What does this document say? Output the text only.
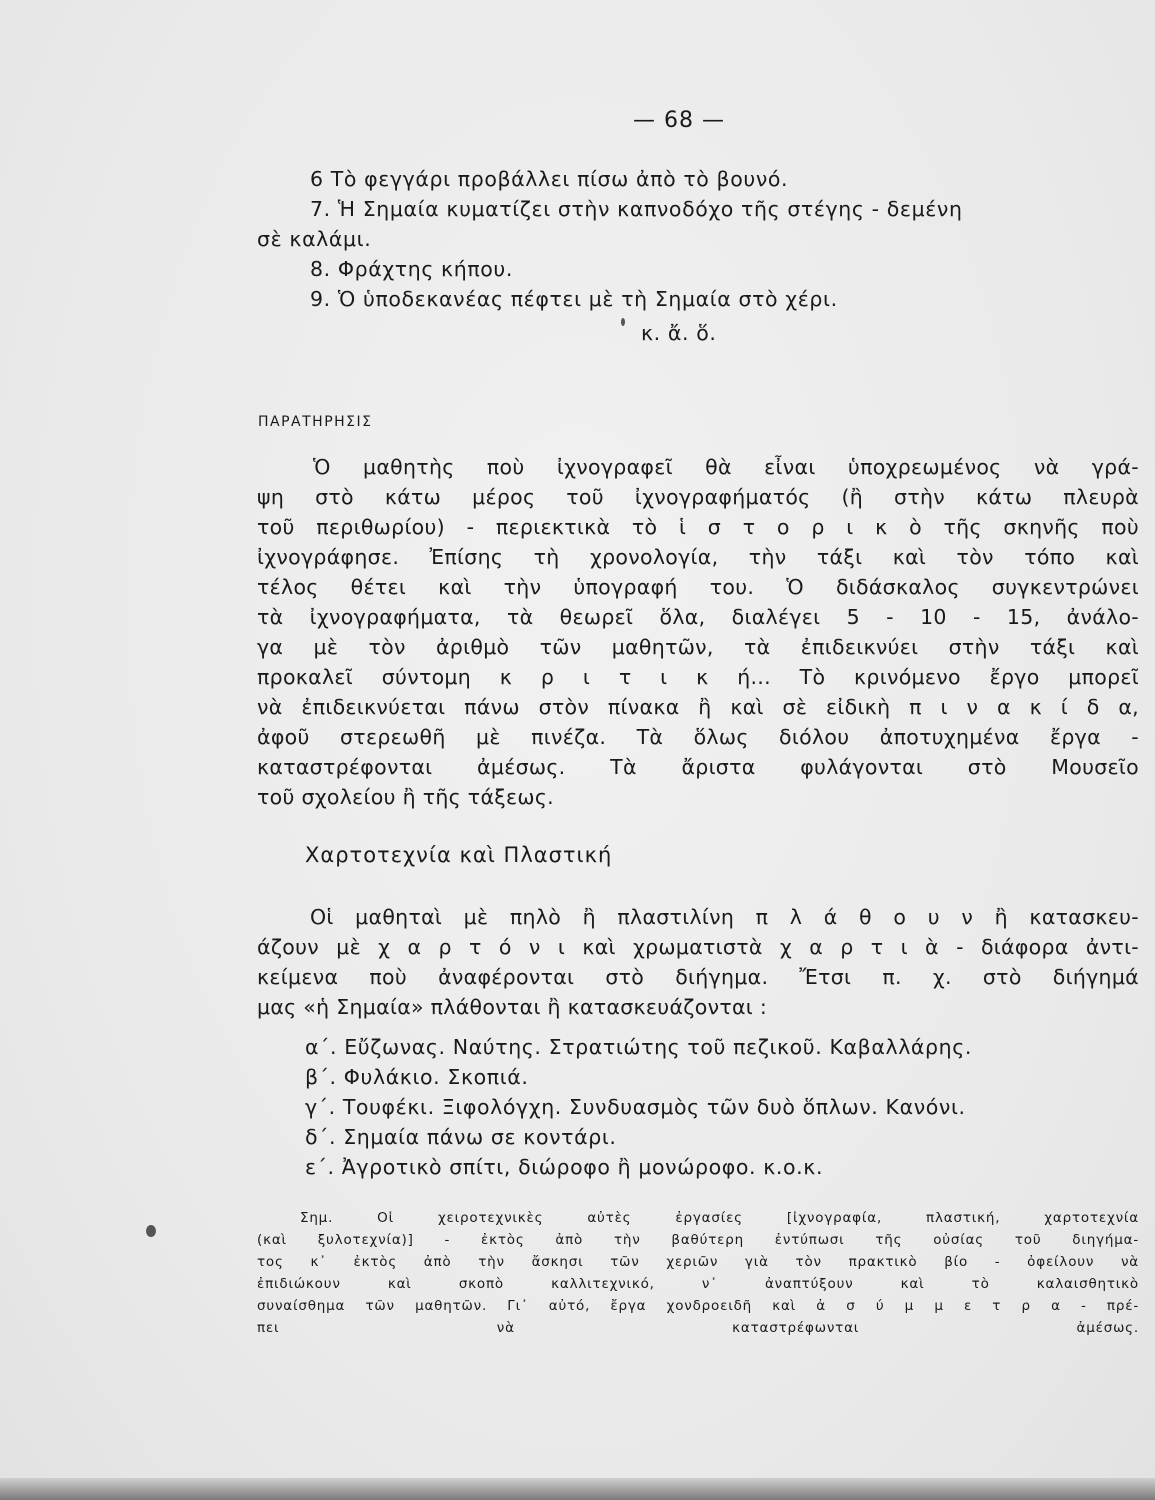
— 68 —
6 Τὸ φεγγάρι προβάλλει πίσω ἀπὸ τὸ βουνό.
7. Ἡ Σημαία κυματίζει στὴν καπνοδόχο τῆς στέγης - δεμένη
σὲ καλάμι.
8. Φράχτης κήπου.
9. Ὁ ὑποδεκανέας πέφτει μὲ τὴ Σημαία στὸ χέρι.
κ. ἄ. ὅ.
ΠΑΡΑΤΗΡΗΣΙΣ
Ὁ μαθητὴς ποὺ ἰχνογραφεῖ θὰ εἶναι ὑποχρεωμένος νὰ γρά-
ψη στὸ κάτω μέρος τοῦ ἰχνογραφήματός (ἢ στὴν κάτω πλευρὰ
τοῦ περιθωρίου) - περιεκτικὰ τὸ ἱ σ τ ο ρ ι κ ὸ τῆς σκηνῆς ποὺ
ἰχνογράφησε. Ἐπίσης τὴ χρονολογία, τὴν τάξι καὶ τὸν τόπο καὶ
τέλος θέτει καὶ τὴν ὑπογραφή του. Ὁ διδάσκαλος συγκεντρώνει
τὰ ἰχνογραφήματα, τὰ θεωρεῖ ὅλα, διαλέγει 5 - 10 - 15, ἀνάλο-
γα μὲ τὸν ἀριθμὸ τῶν μαθητῶν, τὰ ἐπιδεικνύει στὴν τάξι καὶ
προκαλεῖ σύντομη κ ρ ι τ ι κ ή... Τὸ κρινόμενο ἔργο μπορεῖ
νὰ ἐπιδεικνύεται πάνω στὸν πίνακα ἢ καὶ σὲ εἰδικὴ π ι ν α κ ί δ α,
ἀφοῦ στερεωθῆ μὲ πινέζα. Τὰ ὅλως διόλου ἀποτυχημένα ἔργα -
καταστρέφονται ἀμέσως. Τὰ ἄριστα φυλάγονται στὸ Μουσεῖο
τοῦ σχολείου ἢ τῆς τάξεως.
Χαρτοτεχνία καὶ Πλαστική
Οἱ μαθηταὶ μὲ πηλὸ ἢ πλαστιλίνη π λ ά θ ο υ ν ἢ κατασκευ-
άζουν μὲ χ α ρ τ ό ν ι καὶ χρωματιστὰ χ α ρ τ ι ὰ - διάφορα ἀντι-
κείμενα ποὺ ἀναφέρονται στὸ διήγημα. Ἔτσι π. χ. στὸ διήγημά
μας «ἡ Σημαία» πλάθονται ἢ κατασκευάζονται :
α΄. Εὔζωνας. Ναύτης. Στρατιώτης τοῦ πεζικοῦ. Καβαλλάρης.
β΄. Φυλάκιο. Σκοπιά.
γ΄. Τουφέκι. Ξιφολόγχη. Συνδυασμὸς τῶν δυὸ ὅπλων. Κανόνι.
δ΄. Σημαία πάνω σε κοντάρι.
ε΄. Ἀγροτικὸ σπίτι, διώροφο ἢ μονώροφο. κ.ο.κ.
Σημ. Οἱ χειροτεχνικὲς αὐτὲς ἐργασίες [ἰχνογραφία, πλαστική, χαρτοτεχνία
(καὶ ξυλοτεχνία)] - ἐκτὸς ἀπὸ τὴν βαθύτερη ἐντύπωσι τῆς οὐσίας τοῦ διηγήμα-
τος κ᾽ ἐκτὸς ἀπὸ τὴν ἄσκησι τῶν χεριῶν γιὰ τὸν πρακτικὸ βίο - ὀφείλουν νὰ
ἐπιδιώκουν καὶ σκοπὸ καλλιτεχνικό, ν᾽ ἀναπτύξουν καὶ τὸ καλαισθητικὸ
συναίσθημα τῶν μαθητῶν. Γι᾽ αὐτό, ἔργα χονδροειδῆ καὶ ἀ σ ύ μ μ ε τ ρ α - πρέ-
πει νὰ καταστρέφωνται ἀμέσως.
